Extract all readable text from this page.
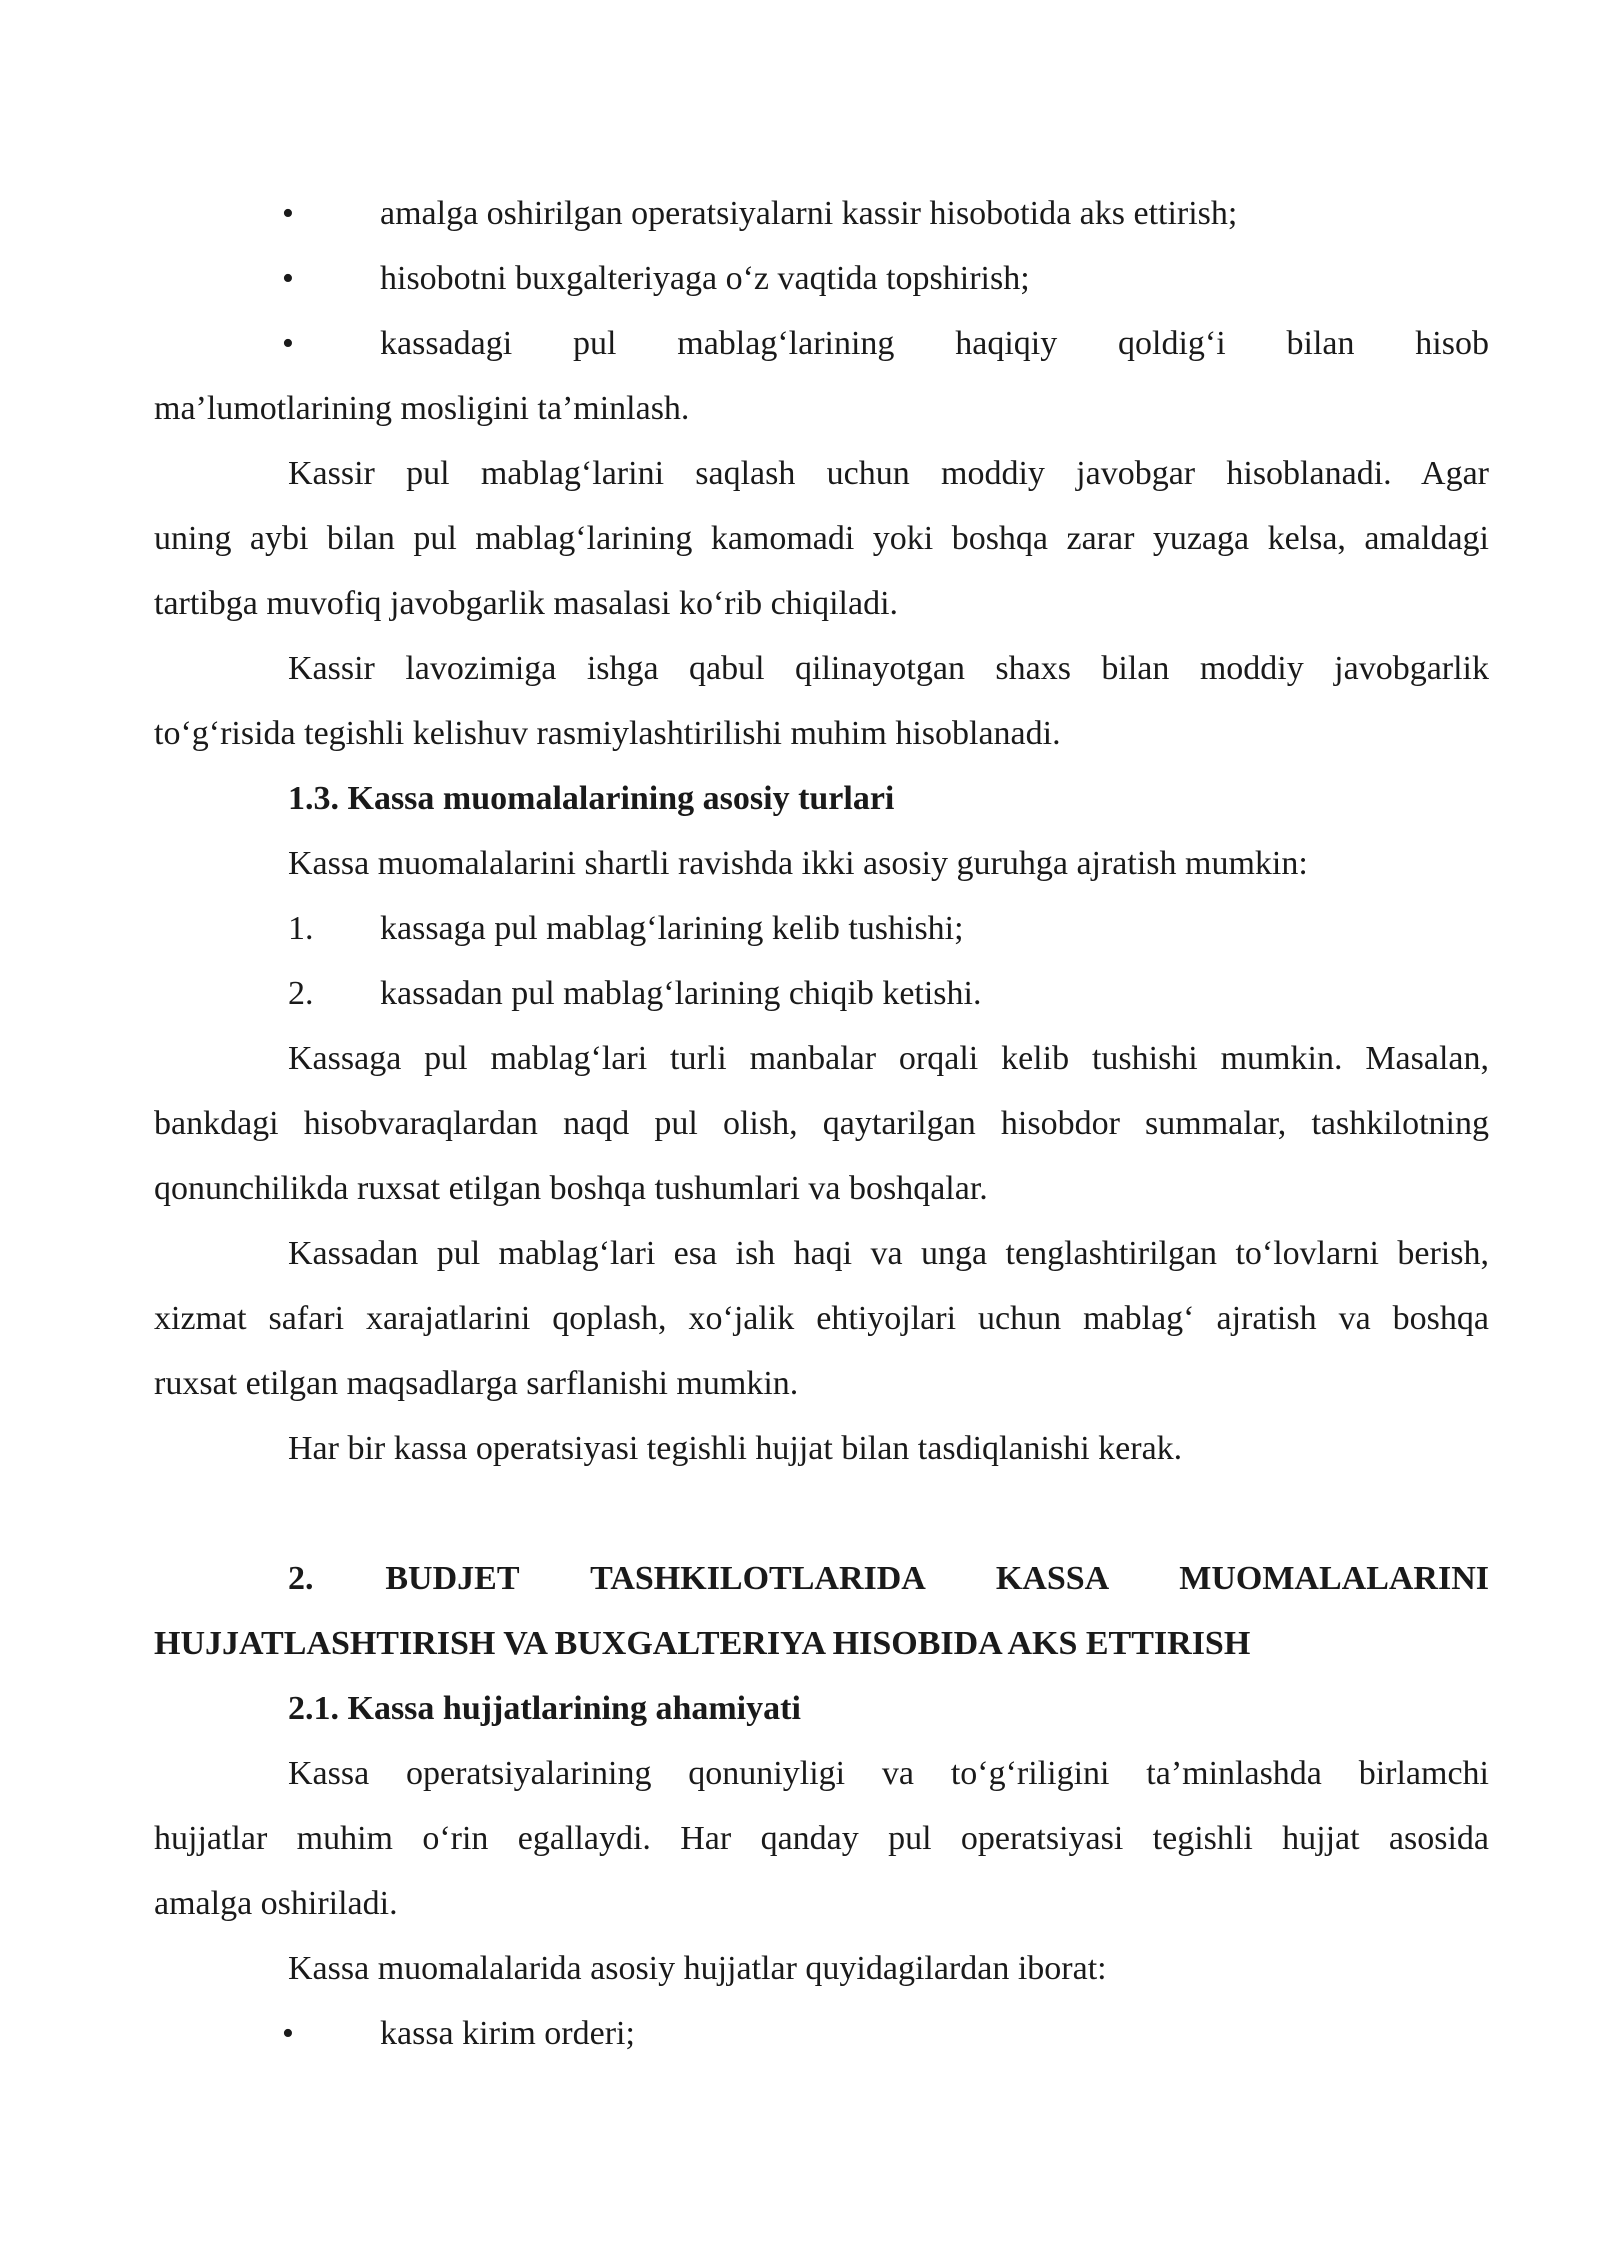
•	amalga oshirilgan operatsiyalarni kassir hisobotida aks ettirish;
•	hisobotni buxgalteriyaga o‘z vaqtida topshirish;
•	kassadagi pul mablag‘larining haqiqiy qoldig‘i bilan hisob
ma’lumotlarining mosligini ta’minlash.
Kassir pul mablag‘larini saqlash uchun moddiy javobgar hisoblanadi. Agar
uning aybi bilan pul mablag‘larining kamomadi yoki boshqa zarar yuzaga kelsa, amaldagi
tartibga muvofiq javobgarlik masalasi ko‘rib chiqiladi.
Kassir lavozimiga ishga qabul qilinayotgan shaxs bilan moddiy javobgarlik
to‘g‘risida tegishli kelishuv rasmiylashtirilishi muhim hisoblanadi.
1.3. Kassa muomalalarining asosiy turlari
Kassa muomalalarini shartli ravishda ikki asosiy guruhga ajratish mumkin:
1. kassaga pul mablag‘larining kelib tushishi;
2. kassadan pul mablag‘larining chiqib ketishi.
Kassaga pul mablag‘lari turli manbalar orqali kelib tushishi mumkin. Masalan,
bankdagi hisobvaraqlardan naqd pul olish, qaytarilgan hisobdor summalar, tashkilotning
qonunchilikda ruxsat etilgan boshqa tushumlari va boshqalar.
Kassadan pul mablag‘lari esa ish haqi va unga tenglashtirilgan to‘lovlarni berish,
xizmat safari xarajatlarini qoplash, xo‘jalik ehtiyojlari uchun mablag‘ ajratish va boshqa
ruxsat etilgan maqsadlarga sarflanishi mumkin.
Har bir kassa operatsiyasi tegishli hujjat bilan tasdiqlanishi kerak.
2. BUDJET TASHKILOTLARIDA KASSA MUOMALALARINI
HUJJATLASHTIRISH VA BUXGALTERIYA HISOBIDA AKS ETTIRISH
2.1. Kassa hujjatlarining ahamiyati
Kassa operatsiyalarining qonuniyligi va to‘g‘riligini ta’minlashda birlamchi
hujjatlar muhim o‘rin egallaydi. Har qanday pul operatsiyasi tegishli hujjat asosida
amalga oshiriladi.
Kassa muomalalarida asosiy hujjatlar quyidagilardan iborat:
•	kassa kirim orderi;
